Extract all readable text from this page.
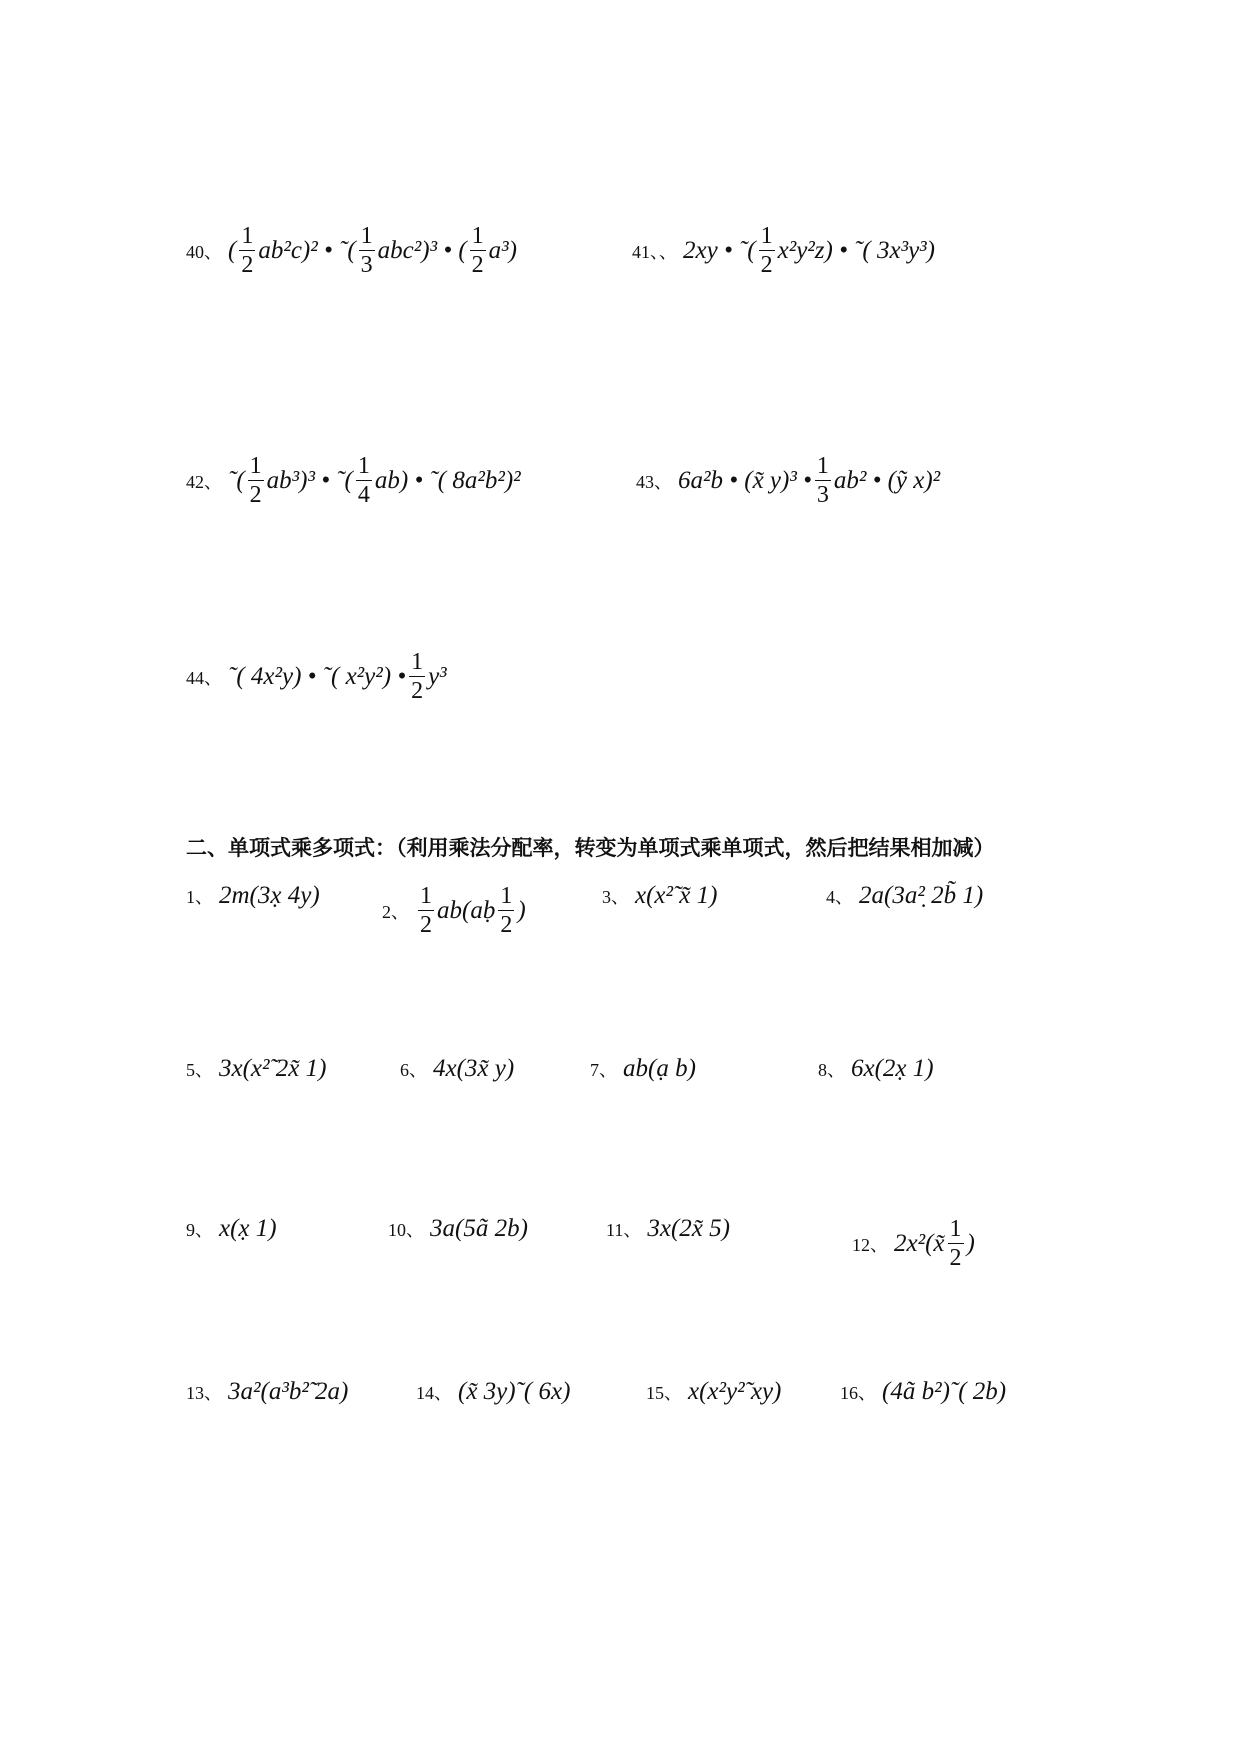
40、 ( $\frac{1}{2} ab^2c)^2$ • ˜( $\frac{1}{3} abc^2)^3$ • ( $\frac{1}{2} a^3$)	41、、 2xy • ˜( $\frac{1}{2} x^2y^2z$) • ˜( 3x³y³)
42、 ˜( $\frac{1}{2} ab^3)^3$ • ˜( $\frac{1}{4} ab$) • ˜( 8a²b²)²	43、 6a²b • (x̃ y)³ • $\frac{1}{3} ab^2$ • (ỹ x)²
44、 ˜( 4x²y) • ˜( x²y²) • $\frac{1}{2} y^3$
二、单项式乘多项式：（利用乘法分配率，转变为单项式乘单项式，然后把结果相加减）
1、 2m(3x̣ 4y)
2、 $\frac{1}{2}$ ab(aḅ $\frac{1}{2}$ )	3、 x(x²̃ x̃ 1)	4、 2a(3a²̣ 2b̃ 1)
5、 3x(x²̃ 2x̃ 1)	6、 4x(3x̃ y)	7、 ab(ạ b)	8、 6x(2x̣ 1)
9、 x(x̣ 1)	10、 3a(5ã 2b)	11、 3x(2x̃ 5)
12、 2x²(x̃ $\frac{1}{2}$ )
13、 3a²(a³b²̃ 2a)	14、 (x̃ 3y)˜( 6x)	15、 x(x²y²̃ xy)	16、 (4ã b²)˜( 2b)
